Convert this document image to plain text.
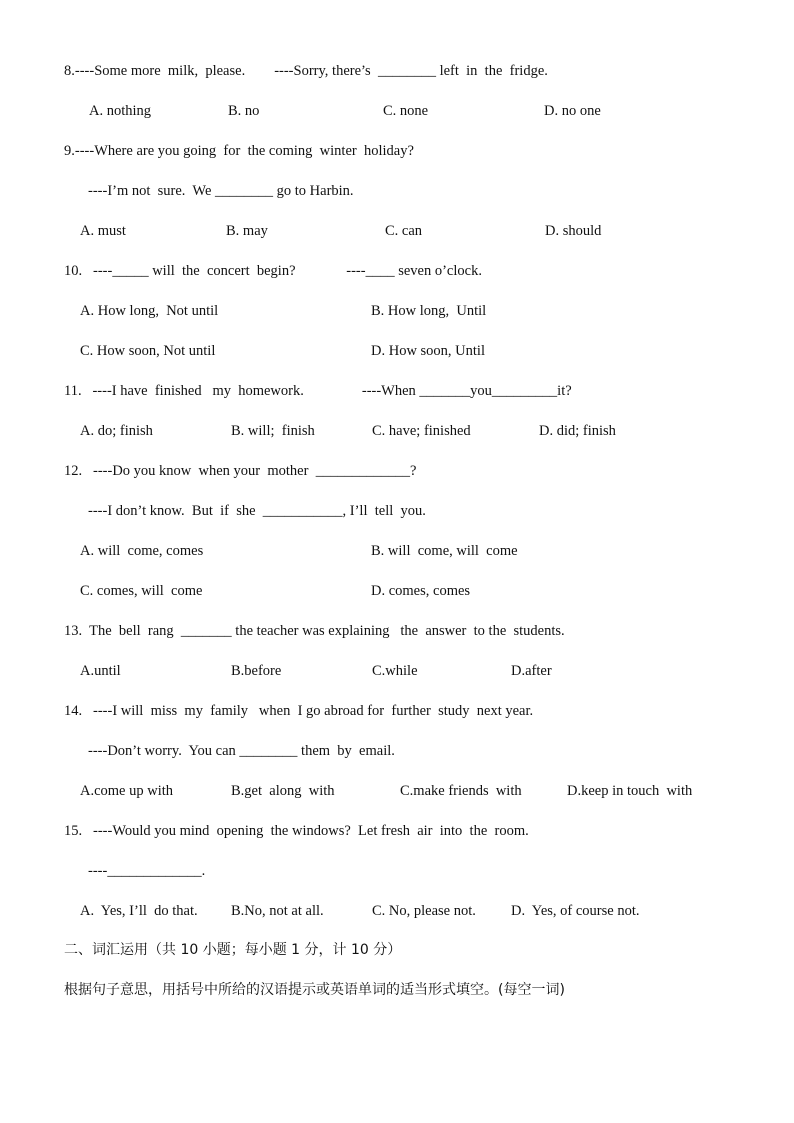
8.----Some more  milk,  please.        ----Sorry, there’s  ________ left  in  the  fridge.
A. nothing	B. no	C. none	D. no one
9.----Where are you going  for  the coming  winter  holiday?
----I’m not  sure.  We ________ go to Harbin.
A. must	B. may	C. can	D. should
10.   ----_____ will  the  concert  begin?              ----____ seven o’clock.
A. How long,  Not until	B. How long,  Until
C. How soon, Not until	D. How soon, Until
11.   ----I have  finished   my  homework.                ----When _______you_________it?
A. do; finish	B. will;  finish	C. have; finished	D. did; finish
12.   ----Do you know  when your  mother  _____________?
----I don’t know.  But  if  she  ___________, I’ll  tell  you.
A. will  come, comes	B. will  come, will  come
C. comes, will  come	D. comes, comes
13.  The  bell  rang  _______ the teacher was explaining   the  answer  to the  students.
A.until	B.before	C.while	D.after
14.   ----I will  miss  my  family   when  I go abroad for  further  study  next year.
----Don’t worry.  You can ________ them  by  email.
A.come up with	B.get  along  with	C.make friends  with	D.keep in touch  with
15.   ----Would you mind  opening  the windows?  Let fresh  air  into  the  room.
----_____________.
A.  Yes, I’ll  do that. B.No, not at all.	C. No, please not. D.  Yes, of course not.
二、词汇运用（共 10 小题；每小题 1 分，计 10 分）
根据句子意思，用括号中所给的汉语提示或英语单词的适当形式填空。(每空一词)
